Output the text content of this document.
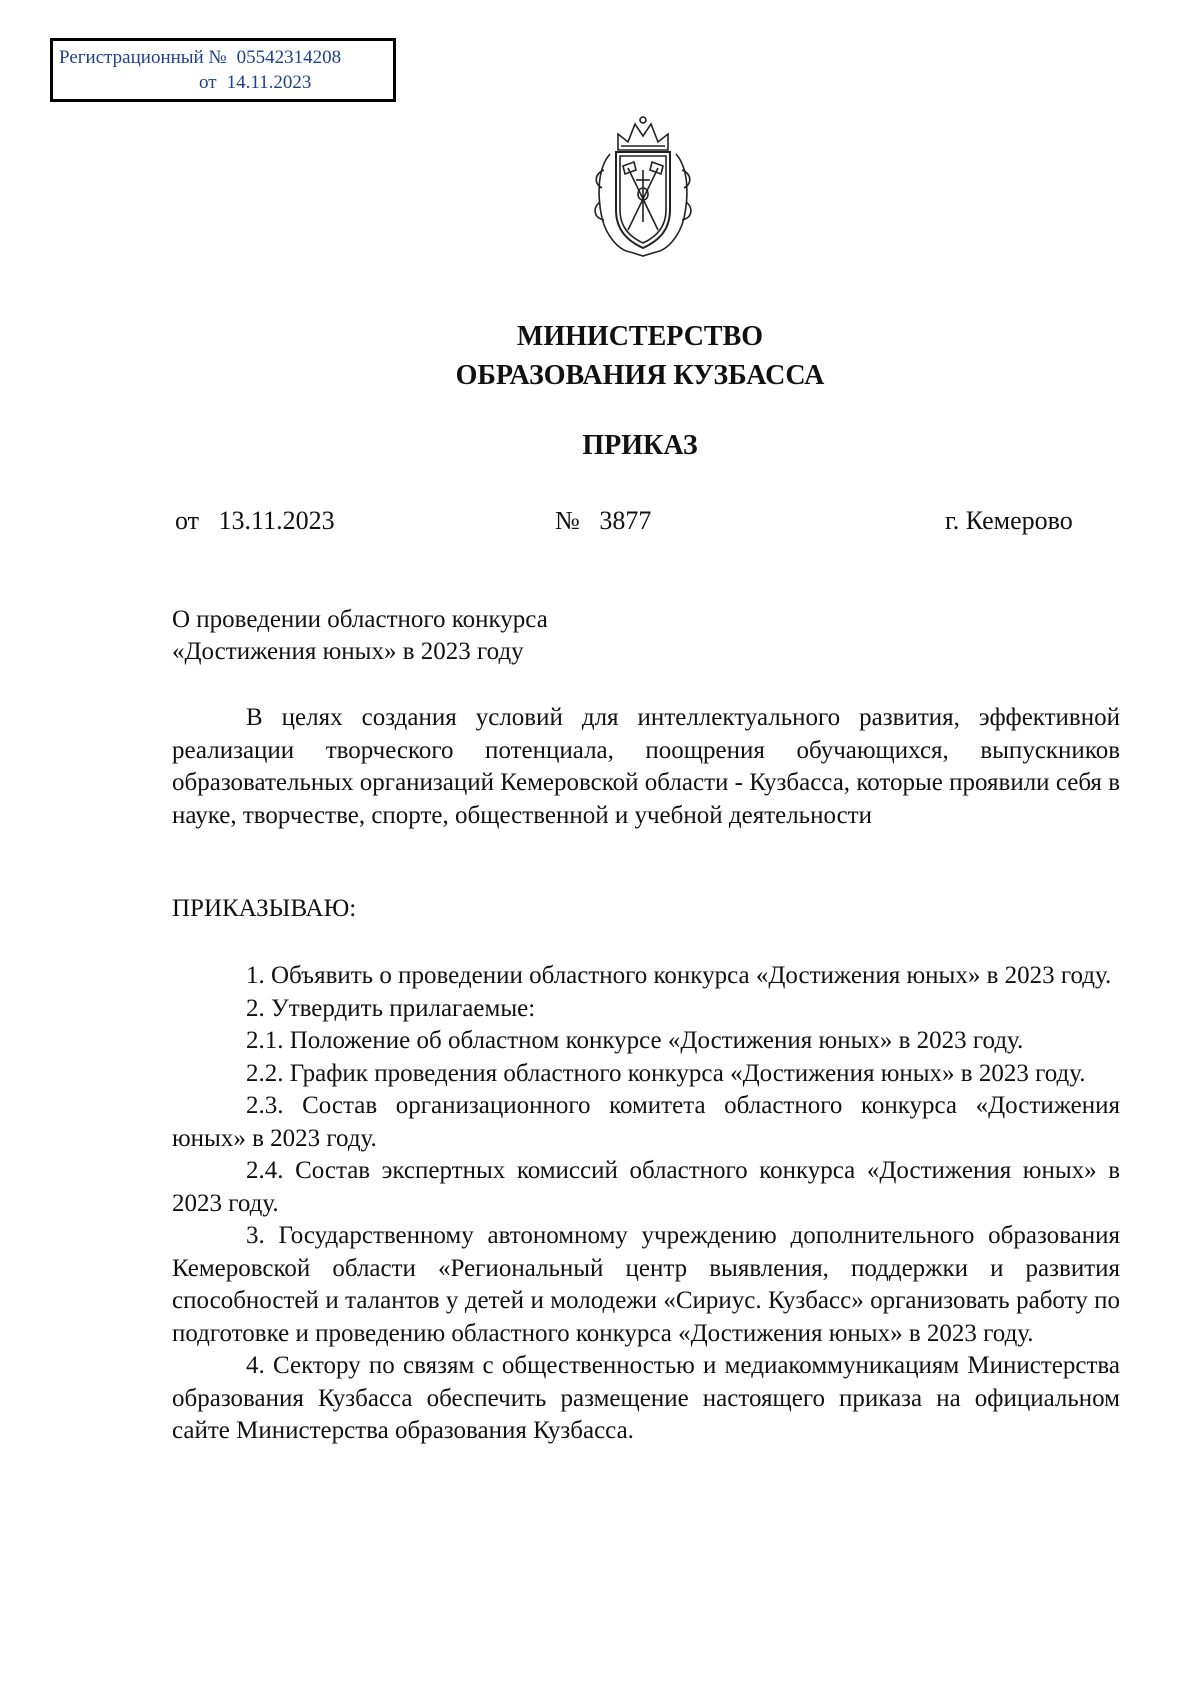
Регистрационный № 05542314208
от 14.11.2023
МИНИСТЕРСТВО
ОБРАЗОВАНИЯ КУЗБАССА
ПРИКАЗ
от 13.11.2023	№ 3877	г. Кемерово
О проведении областного конкурса
«Достижения юных» в 2023 году

В целях создания условий для интеллектуального развития, эффективной реализации творческого потенциала, поощрения обучающихся, выпускников образовательных организаций Кемеровской области - Кузбасса, которые проявили себя в науке, творчестве, спорте, общественной и учебной деятельности

ПРИКАЗЫВАЮ:

1. Объявить о проведении областного конкурса «Достижения юных» в 2023 году.

2. Утвердить прилагаемые:

2.1. Положение об областном конкурсе «Достижения юных» в 2023 году.

2.2. График проведения областного конкурса «Достижения юных» в 2023 году.

2.3. Состав организационного комитета областного конкурса «Достижения юных» в 2023 году.

2.4. Состав экспертных комиссий областного конкурса «Достижения юных» в 2023 году.

3. Государственному автономному учреждению дополнительного образования Кемеровской области «Региональный центр выявления, поддержки и развития способностей и талантов у детей и молодежи «Сириус. Кузбасс» организовать работу по подготовке и проведению областного конкурса «Достижения юных» в 2023 году.

4. Сектору по связям с общественностью и медиакоммуникациям Министерства образования Кузбасса обеспечить размещение настоящего приказа на официальном сайте Министерства образования Кузбасса.
